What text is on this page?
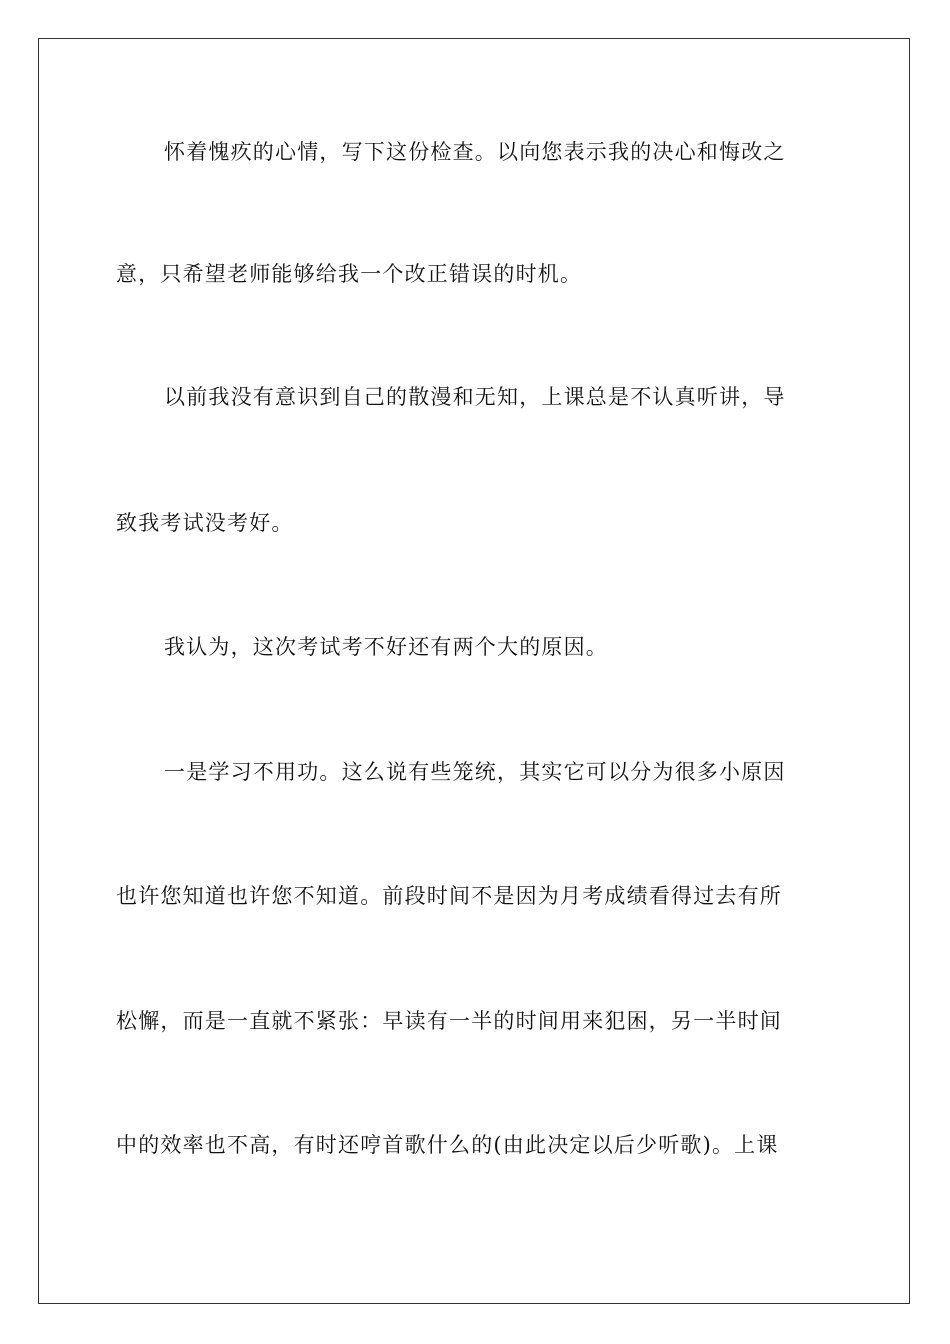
怀着愧疚的心情，写下这份检查。以向您表示我的决心和悔改之
意，只希望老师能够给我一个改正错误的时机。
以前我没有意识到自己的散漫和无知，上课总是不认真听讲，导
致我考试没考好。
我认为，这次考试考不好还有两个大的原因。
一是学习不用功。这么说有些笼统，其实它可以分为很多小原因
也许您知道也许您不知道。前段时间不是因为月考成绩看得过去有所
松懈，而是一直就不紧张：早读有一半的时间用来犯困，另一半时间
中的效率也不高，有时还哼首歌什么的(由此决定以后少听歌)。上课
